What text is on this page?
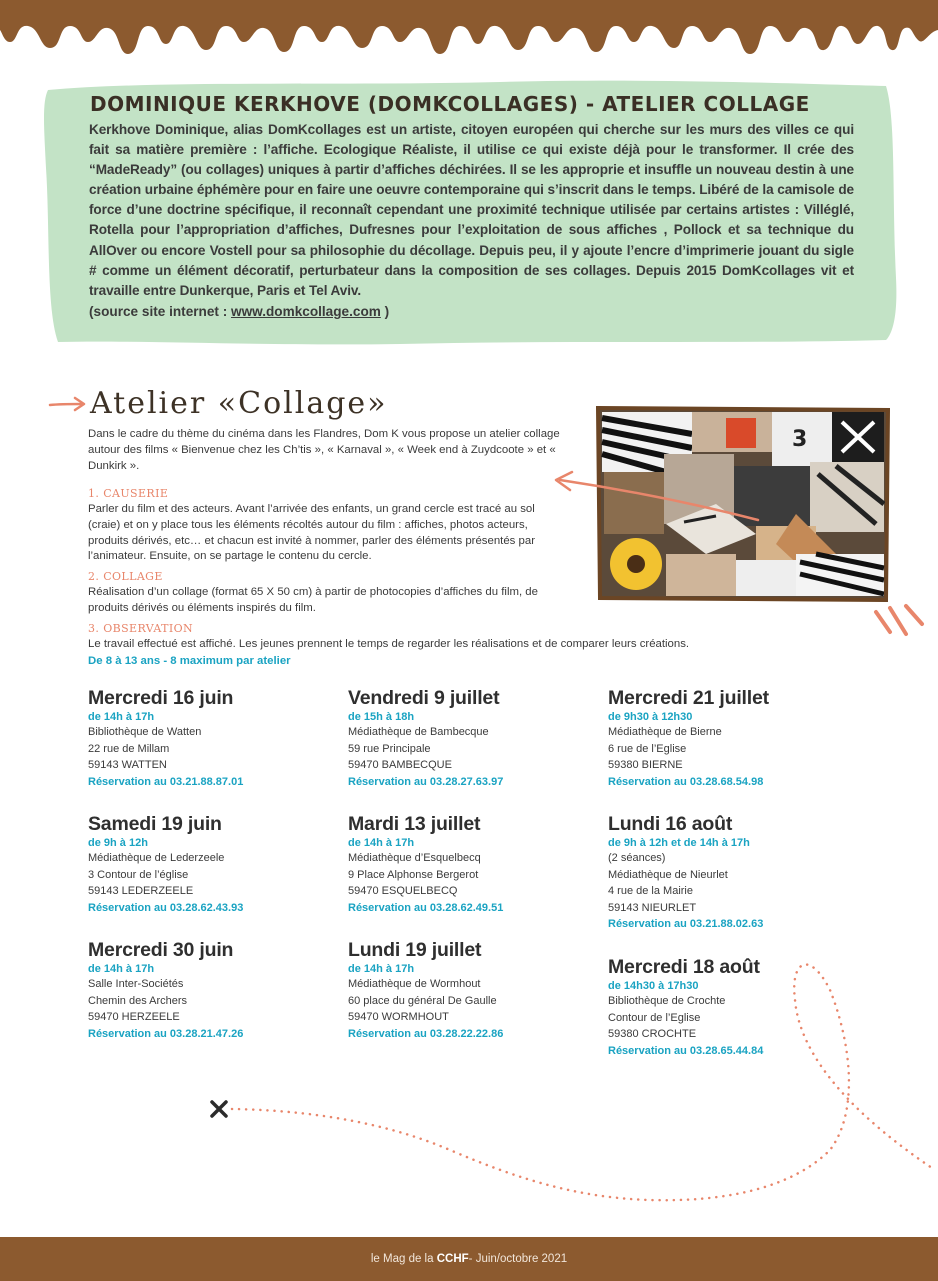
DOMINIQUE KERKHOVE (DOMKCOLLAGES) - ATELIER COLLAGE

Kerkhove Dominique, alias DomKcollages est un artiste, citoyen européen qui cherche sur les murs des villes ce qui fait sa matière première : l’affiche. Ecologique Réaliste, il utilise ce qui existe déjà pour le transformer. Il crée des “MadeReady” (ou collages) uniques à partir d’affiches déchirées. Il se les approprie et insuffle un nouveau destin à une création urbaine éphémère pour en faire une oeuvre contemporaine qui s’inscrit dans le temps. Libéré de la camisole de force d’une doctrine spécifique, il reconnaît cependant une proximité technique utilisée par certains artistes : Villéglé, Rotella pour l’appropriation d’affiches, Dufresnes pour l’exploitation de sous affiches , Pollock et sa technique du AllOver ou encore Vostell pour sa philosophie du décollage. Depuis peu, il y ajoute l’encre d’imprimerie jouant du sigle # comme un élément décoratif, perturbateur dans la composition de ses collages. Depuis 2015 DomKcollages vit et travaille entre Dunkerque, Paris et Tel Aviv.

(source site internet : www.domkcollage.com )
Atelier «Collage»

Dans le cadre du thème du cinéma dans les Flandres, Dom K vous propose un atelier collage autour des films « Bienvenue chez les Ch’tis », « Karnaval », « Week end à Zuydcoote » et « Dunkirk ».

1. CAUSERIE

Parler du film et des acteurs. Avant l’arrivée des enfants, un grand cercle est tracé au sol (craie) et on y place tous les éléments récoltés autour du film : affiches, photos acteurs, produits dérivés, etc… et chacun est invité à nommer, parler des éléments présentés par l’animateur. Ensuite, on se partage le contenu du cercle.

2. COLLAGE

Réalisation d’un collage (format 65 X 50 cm) à partir de photocopies d’affiches du film, de produits dérivés ou éléments inspirés du film.

3. OBSERVATION

Le travail effectué est affiché. Les jeunes prennent le temps de regarder les réalisations et de comparer leurs créations.

De 8 à 13 ans - 8 maximum par atelier
3
Mercredi 16 juin
de 14h à 17h
Bibliothèque de Watten
22 rue de Millam
59143 WATTEN
Réservation au 03.21.88.87.01
Samedi 19 juin
de 9h à 12h
Médiathèque de Lederzeele
3 Contour de l’église
59143 LEDERZEELE
Réservation au 03.28.62.43.93
Mercredi 30 juin
de 14h à 17h
Salle Inter-Sociétés
Chemin des Archers
59470 HERZEELE
Réservation au 03.28.21.47.26
Vendredi 9 juillet
de 15h à 18h
Médiathèque de Bambecque
59 rue Principale
59470 BAMBECQUE
Réservation au 03.28.27.63.97
Mardi 13 juillet
de 14h à 17h
Médiathèque d’Esquelbecq
9 Place Alphonse Bergerot
59470 ESQUELBECQ
Réservation au 03.28.62.49.51
Lundi 19 juillet
de 14h à 17h
Médiathèque de Wormhout
60 place du général De Gaulle
59470 WORMHOUT
Réservation au 03.28.22.22.86
Mercredi 21 juillet
de 9h30 à 12h30
Médiathèque de Bierne
6 rue de l’Eglise
59380 BIERNE
Réservation au 03.28.68.54.98
Lundi 16 août
de 9h à 12h et de 14h à 17h
(2 séances)
Médiathèque de Nieurlet
4 rue de la Mairie
59143 NIEURLET
Réservation au 03.21.88.02.63
Mercredi 18 août
de 14h30 à 17h30
Bibliothèque de Crochte
Contour de l’Eglise
59380 CROCHTE
Réservation au 03.28.65.44.84
le Mag de la
CCHF - Juin/octobre 2021
